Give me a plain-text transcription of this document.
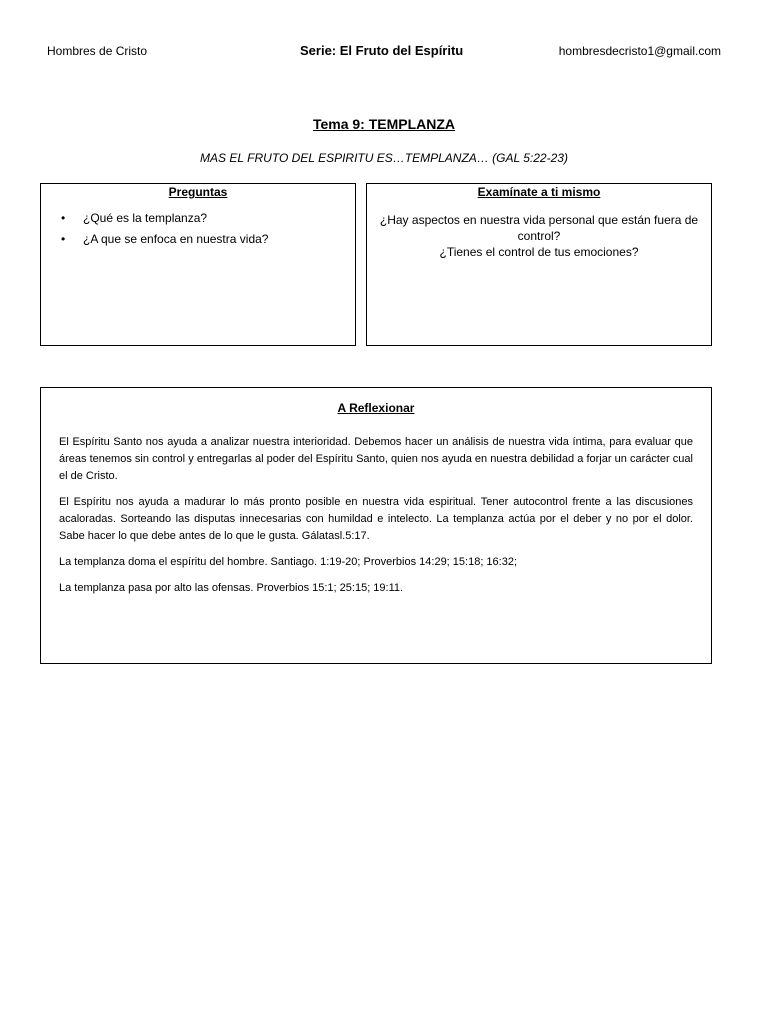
Hombres de Cristo	Serie: El Fruto del Espíritu	hombresdecristo1@gmail.com
Tema 9: TEMPLANZA
MAS EL FRUTO DEL ESPIRITU ES…TEMPLANZA… (GAL 5:22-23)
Preguntas
• ¿Qué es la templanza?
• ¿A que se enfoca en nuestra vida?
Examínate a ti mismo
¿Hay aspectos en nuestra vida personal que están fuera de control?
¿Tienes el control de tus emociones?
A Reflexionar

El Espíritu Santo nos ayuda a analizar nuestra interioridad. Debemos hacer un análisis de nuestra vida íntima, para evaluar que áreas tenemos sin control y entregarlas al poder del Espíritu Santo, quien nos ayuda en nuestra debilidad a forjar un carácter cual el de Cristo.

El Espíritu nos ayuda a madurar lo más pronto posible en nuestra vida espiritual. Tener autocontrol frente a las discusiones acaloradas. Sorteando las disputas innecesarias con humildad e intelecto. La templanza actúa por el deber y no por el dolor. Sabe hacer lo que debe antes de lo que le gusta. Gálatasl.5:17.

La templanza doma el espíritu del hombre. Santiago. 1:19-20; Proverbios 14:29; 15:18; 16:32;

La templanza pasa por alto las ofensas. Proverbios 15:1; 25:15; 19:11.
